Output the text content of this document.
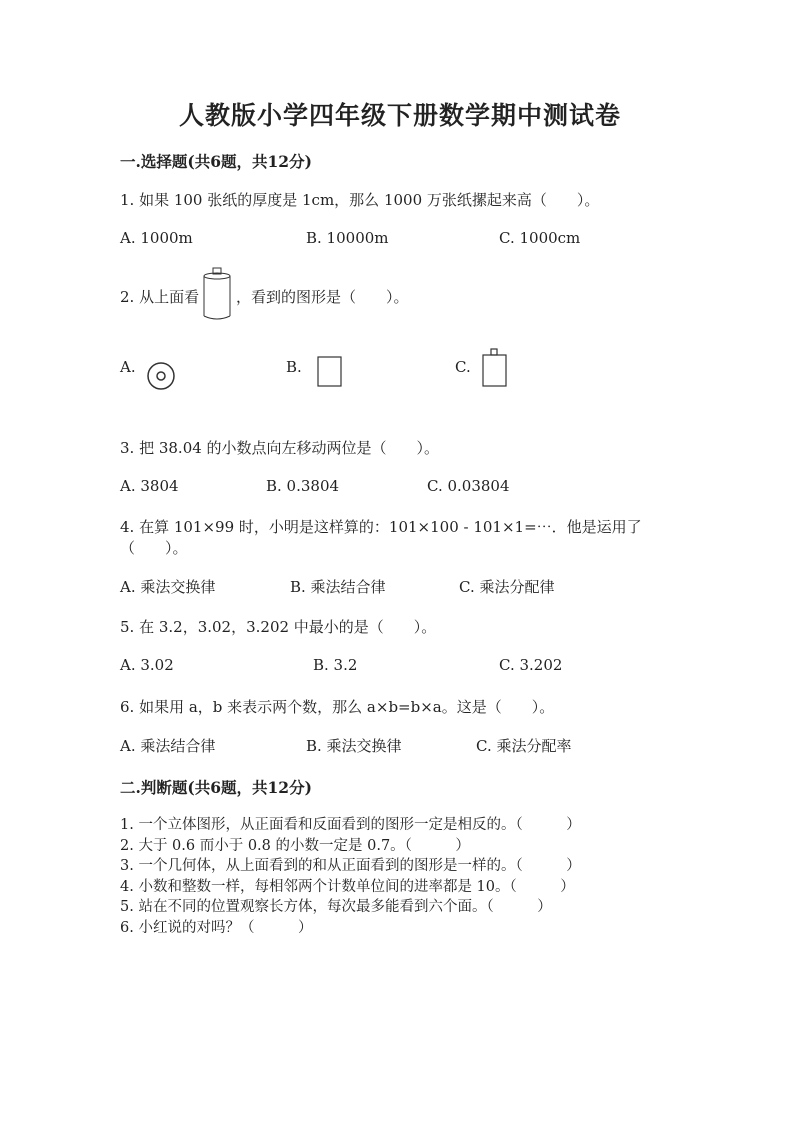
人教版小学四年级下册数学期中测试卷
一.选择题(共6题，共12分)
1. 如果 100 张纸的厚度是 1cm，那么 1000 万张纸摞起来高（　　）。
A. 1000m	B. 10000m	C. 1000cm
2. 从上面看 ，看到的图形是（　　）。
A.	B.	C.
3. 把 38.04 的小数点向左移动两位是（　　）。
A. 3804	B. 0.3804	C. 0.03804
4. 在算 101×99 时，小明是这样算的：101×100 - 101×1=⋯．他是运用了
（　　）。
A. 乘法交换律	B. 乘法结合律	C. 乘法分配律
5. 在 3.2，3.02，3.202 中最小的是（　　）。
A. 3.02	B. 3.2	C. 3.202
6. 如果用 a，b 来表示两个数，那么 a×b=b×a。这是（　　）。
A. 乘法结合律	B. 乘法交换律	C. 乘法分配率
二.判断题(共6题，共12分)
1. 一个立体图形，从正面看和反面看到的图形一定是相反的。（　　　）
2. 大于 0.6 而小于 0.8 的小数一定是 0.7。（　　　）
3. 一个几何体，从上面看到的和从正面看到的图形是一样的。（　　　）
4. 小数和整数一样，每相邻两个计数单位间的进率都是 10。（　　　）
5. 站在不同的位置观察长方体，每次最多能看到六个面。（　　　）
6. 小红说的对吗？（　　　）
